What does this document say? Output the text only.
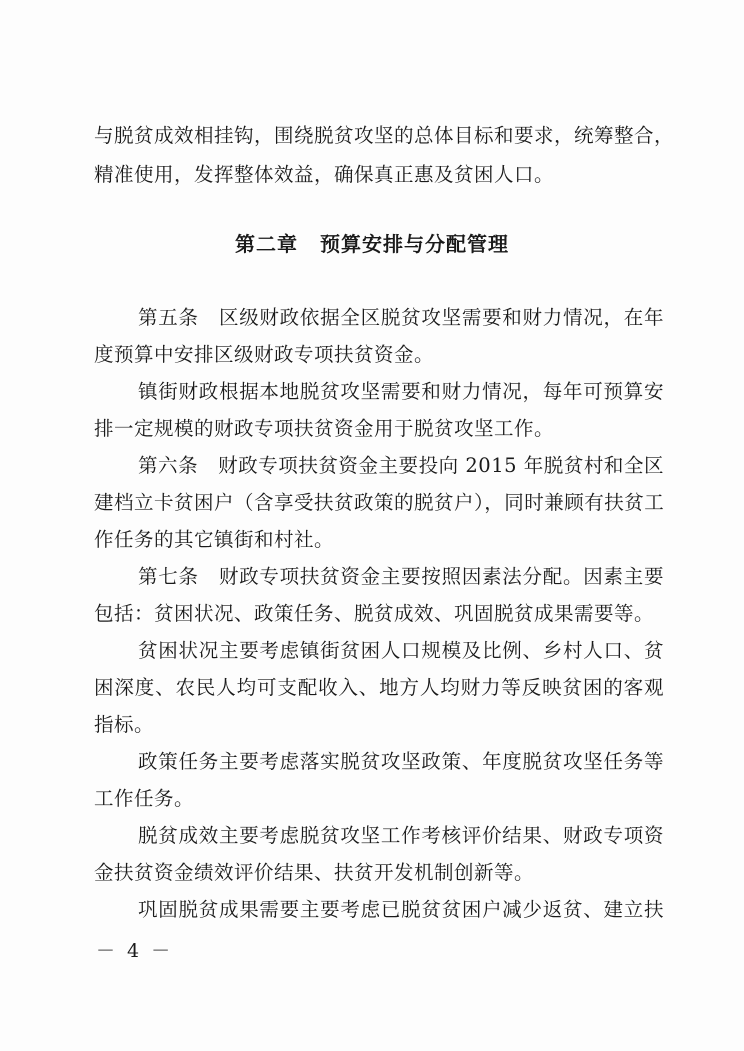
与脱贫成效相挂钩，围绕脱贫攻坚的总体目标和要求，统筹整合，
精准使用，发挥整体效益，确保真正惠及贫困人口。
第二章 预算安排与分配管理
第五条　区级财政依据全区脱贫攻坚需要和财力情况，在年
度预算中安排区级财政专项扶贫资金。
镇街财政根据本地脱贫攻坚需要和财力情况，每年可预算安
排一定规模的财政专项扶贫资金用于脱贫攻坚工作。
第六条　财政专项扶贫资金主要投向 2015 年脱贫村和全区
建档立卡贫困户（含享受扶贫政策的脱贫户），同时兼顾有扶贫工
作任务的其它镇街和村社。
第七条　财政专项扶贫资金主要按照因素法分配。因素主要
包括：贫困状况、政策任务、脱贫成效、巩固脱贫成果需要等。
贫困状况主要考虑镇街贫困人口规模及比例、乡村人口、贫
困深度、农民人均可支配收入、地方人均财力等反映贫困的客观
指标。
政策任务主要考虑落实脱贫攻坚政策、年度脱贫攻坚任务等
工作任务。
脱贫成效主要考虑脱贫攻坚工作考核评价结果、财政专项资
金扶贫资金绩效评价结果、扶贫开发机制创新等。
巩固脱贫成果需要主要考虑已脱贫贫困户减少返贫、建立扶
－ 4 －
